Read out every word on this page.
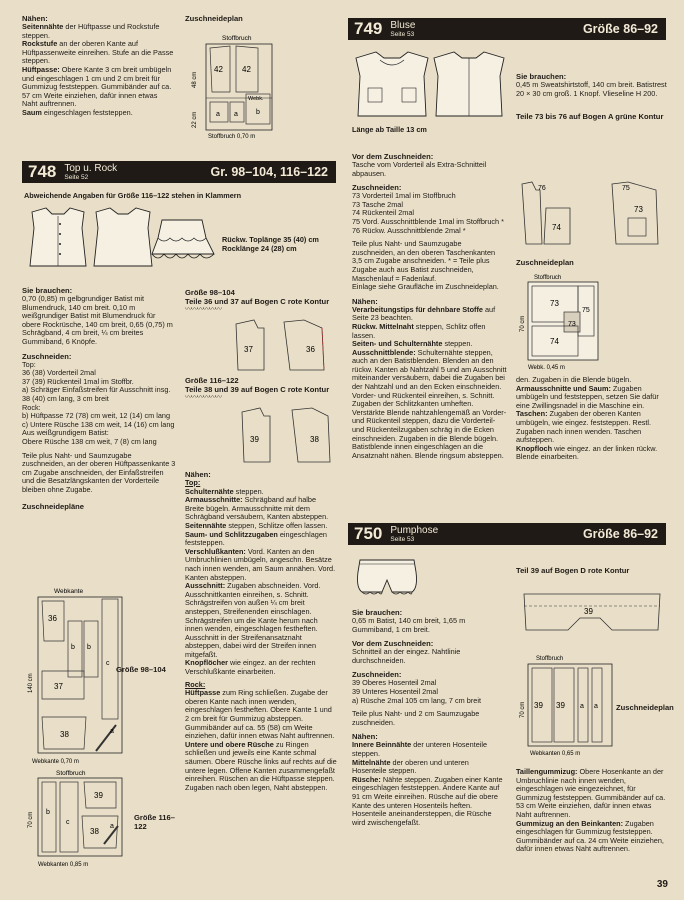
Nähen:

Seitennähte der Hüftpasse und Rockstufe steppen.

Rockstufe an der oberen Kante auf Hüftpassenweite einreihen. Stufe an die Passe steppen.

Hüftpasse: Obere Kante 3 cm breit umbügeln und eingeschlagen 1 cm und 2 cm breit für Gummizug feststeppen. Gummibänder auf ca. 57 cm Weite einziehen, dafür innen etwas Naht auftrennen.

Saum eingeschlagen feststeppen.

Zuschneideplan

Stoffbruch
42 42
a a	b
Webk.
48 cm
22 cm
Stoffbruch 0,70 m
748 Top u. Rock
Seite 52	Gr. 98–104, 116–122

Abweichende Angaben für Größe 116–122 stehen in Klammern

Rückw. Toplänge 35 (40) cm Rocklänge 24 (28) cm

Sie brauchen:

0,70 (0,85) m gelbgrundiger Batist mit Blumendruck, 140 cm breit. 0,10 m weißgrundiger Batist mit Blumendruck für obere Rockrüsche, 140 cm breit, 0,65 (0,75) m Schrägband, 4 cm breit, ¼ cm breites Gummiband, 6 Knöpfe.

Zuschneiden:

Top:

36 (38) Vorderteil 2mal

37 (39) Rückenteil 1mal im Stoffbr.

a) Schräger Einfaßstreifen für Ausschnitt insg. 38 (40) cm lang, 3 cm breit

Rock:

b) Hüftpasse 72 (78) cm weit, 12 (14) cm lang

c) Untere Rüsche 138 cm weit, 14 (16) cm lang

Aus weißgrundigem Batist:

Obere Rüsche 138 cm weit, 7 (8) cm lang

Teile plus Naht- und Saumzugabe zuschneiden, an der oberen Hüftpassenkante 3 cm Zugabe anschneiden, der Einfaßstreifen und die Besatzlängskanten der Vorderteile bleiben ohne Zugabe.

Zuschneidepläne

Webkante
36
b b
c
37
a
38
140 cm
Webkante 0,70 m

Größe 98–104

Stoffbruch
39
b
38
c
a
70 cm
Webkanten 0,85 m

Größe 116–122

Größe 98–104

Teile 36 und 37 auf Bogen C rote Kontur

〰〰〰〰〰〰

37	36

Größe 116–122

Teile 38 und 39 auf Bogen C rote Kontur

〰〰〰〰〰〰

39	38

Nähen:

Top:

Schulternähte steppen.

Armausschnitte: Schrägband auf halbe Breite bügeln. Armausschnitte mit dem Schrägband versäubern, Kanten absteppen.

Seitennähte steppen, Schlitze offen lassen.

Saum- und Schlitzzugaben eingeschlagen feststeppen.

Verschlußkanten: Vord. Kanten an den Umbruchlinien umbügeln, angeschn. Besätze nach innen wenden, am Saum annähen. Vord. Kanten absteppen.

Ausschnitt: Zugaben abschneiden. Vord. Ausschnittkanten einreihen, s. Schnitt. Schrägstreifen von außen ¼ cm breit ansteppen, Streifenenden einschlagen. Schrägstreifen um die Kante herum nach innen wenden, eingeschlagen festheften. Ausschnitt in der Streifenansatznaht absteppen, dabei wird der Streifen innen mitgefaßt.

Knopflöcher wie eingez. an der rechten Verschlußkante einarbeiten.

Rock:

Hüftpasse zum Ring schließen. Zugabe der oberen Kante nach innen wenden, eingeschlagen festheften. Obere Kante 1 und 2 cm breit für Gummizug absteppen. Gummibänder auf ca. 55 (58) cm Weite einziehen, dafür innen etwas Naht auftrennen.

Untere und obere Rüsche zu Ringen schließen und jeweils eine Kante schmal säumen. Obere Rüsche links auf rechts auf die untere legen. Offene Kanten zusammengefaßt einreihen. Rüschen an die Hüftpasse steppen. Zugaben nach oben legen, Naht absteppen.

749 Bluse
Seite 53	Größe 86–92

Länge ab Taille 13 cm

Vor dem Zuschneiden:

Tasche vom Vorderteil als Extra-Schnitteil abpausen.

Zuschneiden:

73 Vorderteil 1mal im Stoffbruch

73 Tasche 2mal

74 Rückenteil 2mal

75 Vord. Ausschnittblende 1mal im Stoffbruch *

76 Rückw. Ausschnittblende 2mal *

Teile plus Naht- und Saumzugabe zuschneiden, an den oberen Taschenkanten 3,5 cm Zugabe anschneiden. * = Teile plus Zugabe auch aus Batist zuschneiden, Maschenlauf = Fadenlauf.

Einlage siehe Graufläche im Zuschneideplan.

Nähen:

Verarbeitungstips für dehnbare Stoffe auf Seite 23 beachten.

Rückw. Mittelnaht steppen, Schlitz offen lassen.

Seiten- und Schulternähte steppen.

Ausschnittblende: Schulternähte steppen, auch an den Batistblenden. Blenden an den rückw. Kanten ab Nahtzahl 5 und am Ausschnitt miteinander versäubern, dabei die Zugaben bei der Nahtzahl und an den Ecken einschneiden. Vorder- und Rückenteil einreihen, s. Schnitt. Zugaben der Schlitzkanten umheften. Verstärkte Blende nahtzahlengemäß an Vorder- und Rückenteil steppen, dazu die Vorderteil- und Rückenteilzugaben schräg in die Ecken einschneiden. Zugaben in die Blende bügeln. Batistblende innen eingeschlagen an die Ansatznaht nähen. Blende ringsum absteppen.

Sie brauchen:

0,45 m Sweatshirtstoff, 140 cm breit. Batistrest 20 × 30 cm groß. 1 Knopf. Vlieseline H 200.

Teile 73 bis 76 auf Bogen A grüne Kontur

76
74
73
75

Zuschneideplan

Stoffbruch
73
73
75
74
70 cm
Webk. 0,45 m

den. Zugaben in die Blende bügeln.

Armausschnitte und Saum: Zugaben umbügeln und feststeppen, setzen Sie dafür eine Zwillingsnadel in die Maschine ein.

Taschen: Zugaben der oberen Kanten umbügeln, wie eingez. feststeppen. Restl. Zugaben nach innen wenden. Taschen aufsteppen.

Knopfloch wie eingez. an der linken rückw. Blende einarbeiten.

750 Pumphose
Seite 53	Größe 86–92

Sie brauchen:

0,65 m Batist, 140 cm breit, 1,65 m Gummiband, 1 cm breit.

Vor dem Zuschneiden:

Schnitteil an der eingez. Nahtlinie durchschneiden.

Zuschneiden:

39 Oberes Hosenteil 2mal

39 Unteres Hosenteil 2mal

a) Rüsche 2mal 105 cm lang, 7 cm breit

Teile plus Naht- und 2 cm Saumzugabe zuschneiden.

Nähen:

Innere Beinnähte der unteren Hosenteile steppen.

Mittelnähte der oberen und unteren Hosenteile steppen.

Rüsche: Nähte steppen. Zugaben einer Kante eingeschlagen feststeppen. Andere Kante auf 91 cm Weite einreihen. Rüsche auf die obere Kante des unteren Hosenteils heften. Hosenteile aneinandersteppen, die Rüsche wird zwischengefaßt.

Teil 39 auf Bogen D rote Kontur

39
Stoffbruch
39 39 a a
70 cm
Webkanten 0,65 m

Zuschneideplan

Taillengummizug: Obere Hosenkante an der Umbruchlinie nach innen wenden, eingeschlagen wie eingezeichnet, für Gummizug feststeppen. Gummibänder auf ca. 53 cm Weite einziehen, dafür innen etwas Naht auftrennen.

Gummizug an den Beinkanten: Zugaben eingeschlagen für Gummizug feststeppen. Gummibänder auf ca. 24 cm Weite einziehen, dafür innen etwas Naht auftrennen.

39
